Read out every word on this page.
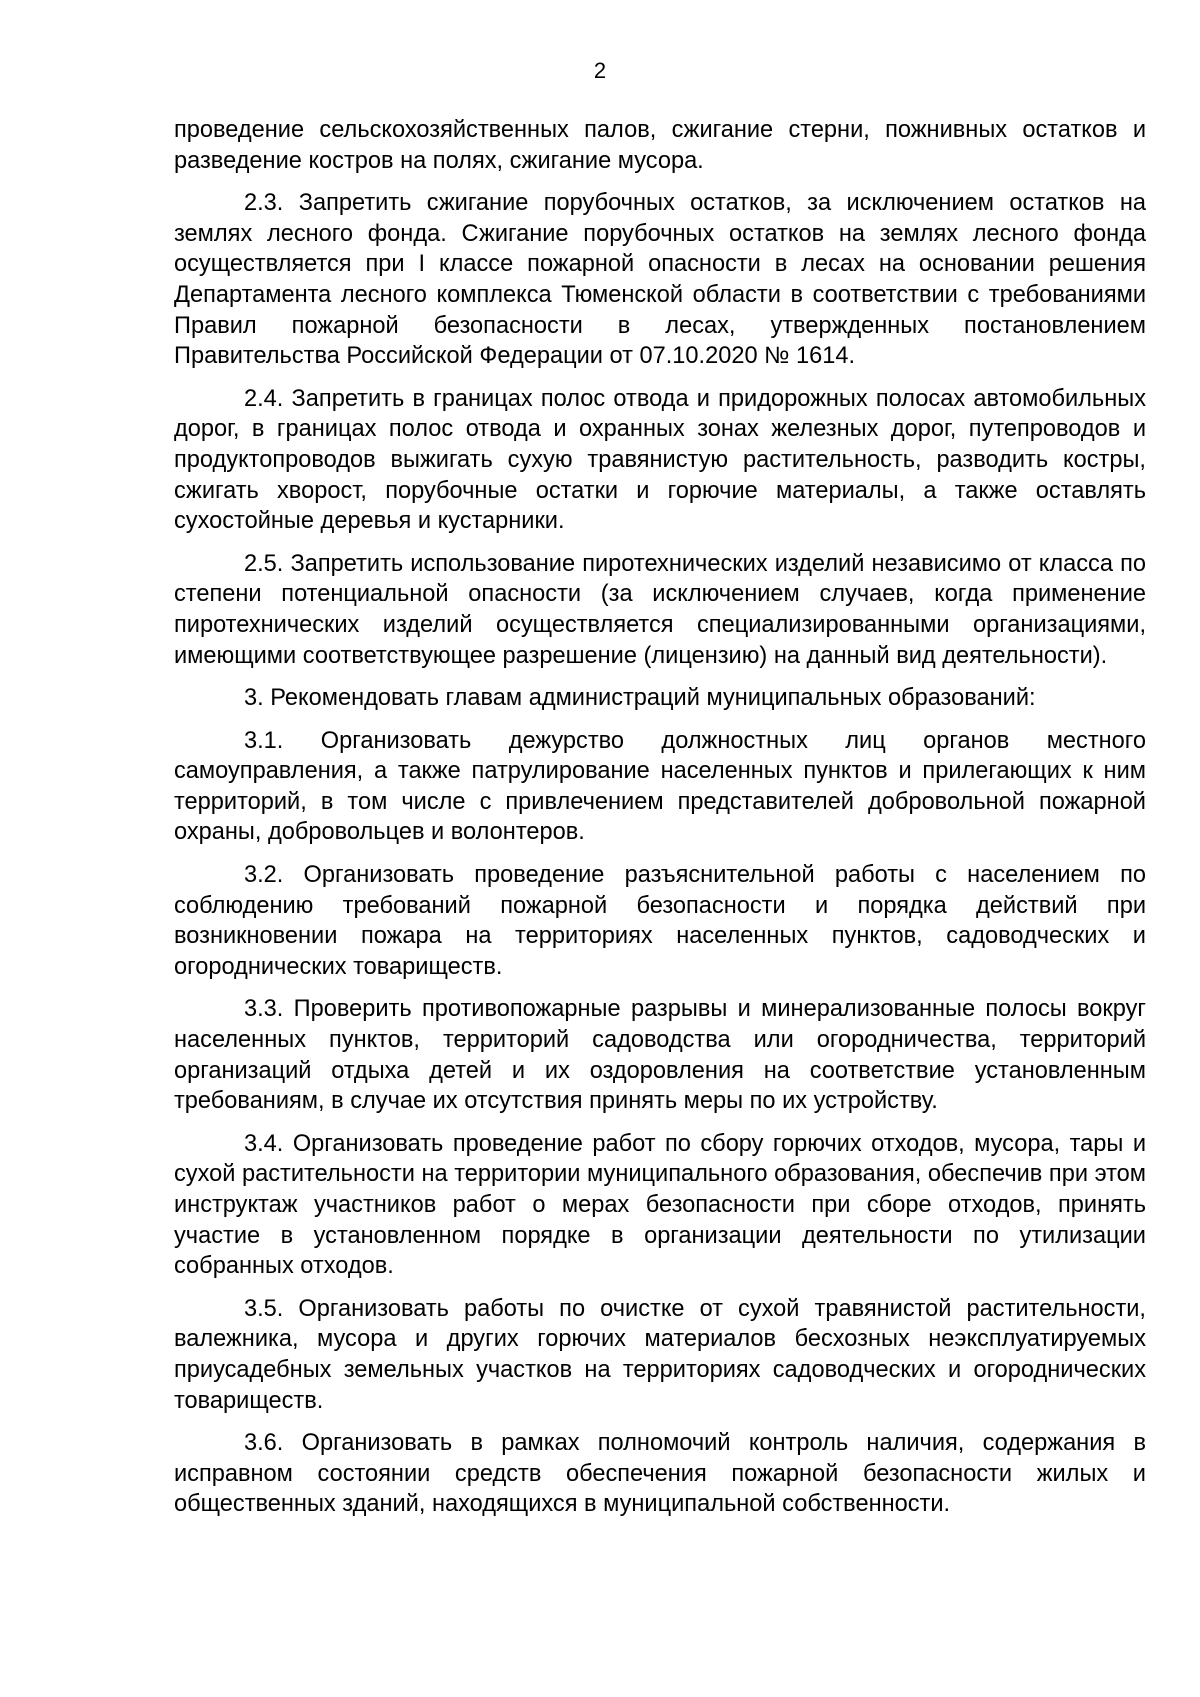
2

проведение сельскохозяйственных палов, сжигание стерни, пожнивных остатков и разведение костров на полях, сжигание мусора.

2.3. Запретить сжигание порубочных остатков, за исключением остатков на землях лесного фонда. Сжигание порубочных остатков на землях лесного фонда осуществляется при I классе пожарной опасности в лесах на основании решения Департамента лесного комплекса Тюменской области в соответствии с требованиями Правил пожарной безопасности в лесах, утвержденных постановлением Правительства Российской Федерации от 07.10.2020 № 1614.

2.4. Запретить в границах полос отвода и придорожных полосах автомобильных дорог, в границах полос отвода и охранных зонах железных дорог, путепроводов и продуктопроводов выжигать сухую травянистую растительность, разводить костры, сжигать хворост, порубочные остатки и горючие материалы, а также оставлять сухостойные деревья и кустарники.

2.5. Запретить использование пиротехнических изделий независимо от класса по степени потенциальной опасности (за исключением случаев, когда применение пиротехнических изделий осуществляется специализированными организациями, имеющими соответствующее разрешение (лицензию) на данный вид деятельности).

3. Рекомендовать главам администраций муниципальных образований:

3.1. Организовать дежурство должностных лиц органов местного самоуправления, а также патрулирование населенных пунктов и прилегающих к ним территорий, в том числе с привлечением представителей добровольной пожарной охраны, добровольцев и волонтеров.

3.2. Организовать проведение разъяснительной работы с населением по соблюдению требований пожарной безопасности и порядка действий при возникновении пожара на территориях населенных пунктов, садоводческих и огороднических товариществ.

3.3. Проверить противопожарные разрывы и минерализованные полосы вокруг населенных пунктов, территорий садоводства или огородничества, территорий организаций отдыха детей и их оздоровления на соответствие установленным требованиям, в случае их отсутствия принять меры по их устройству.

3.4. Организовать проведение работ по сбору горючих отходов, мусора, тары и сухой растительности на территории муниципального образования, обеспечив при этом инструктаж участников работ о мерах безопасности при сборе отходов, принять участие в установленном порядке в организации деятельности по утилизации собранных отходов.

3.5. Организовать работы по очистке от сухой травянистой растительности, валежника, мусора и других горючих материалов бесхозных неэксплуатируемых приусадебных земельных участков на территориях садоводческих и огороднических товариществ.

3.6. Организовать в рамках полномочий контроль наличия, содержания в исправном состоянии средств обеспечения пожарной безопасности жилых и общественных зданий, находящихся в муниципальной собственности.
